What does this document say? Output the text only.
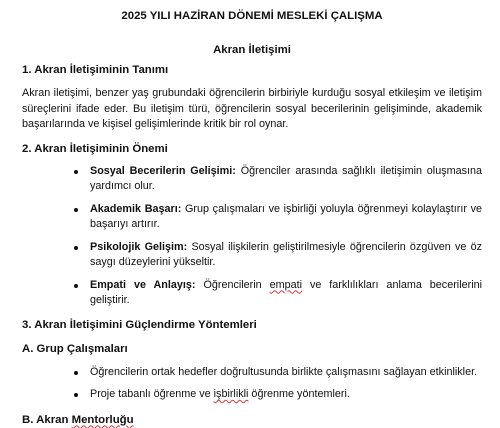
2025 YILI HAZİRAN DÖNEMİ MESLEKİ ÇALIŞMA

Akran İletişimi

1. Akran İletişiminin Tanımı

Akran iletişimi, benzer yaş grubundaki öğrencilerin birbiriyle kurduğu sosyal etkileşim ve iletişim süreçlerini ifade eder. Bu iletişim türü, öğrencilerin sosyal becerilerinin gelişiminde, akademik başarılarında ve kişisel gelişimlerinde kritik bir rol oynar.

2. Akran İletişiminin Önemi

Sosyal Becerilerin Gelişimi: Öğrenciler arasında sağlıklı iletişimin oluşmasına yardımcı olur.
Akademik Başarı: Grup çalışmaları ve işbirliği yoluyla öğrenmeyi kolaylaştırır ve başarıyı artırır.
Psikolojik Gelişim: Sosyal ilişkilerin geliştirilmesiyle öğrencilerin özgüven ve öz saygı düzeylerini yükseltir.
Empati ve Anlayış: Öğrencilerin empati ve farklılıkları anlama becerilerini geliştirir.

3. Akran İletişimini Güçlendirme Yöntemleri

A. Grup Çalışmaları

Öğrencilerin ortak hedefler doğrultusunda birlikte çalışmasını sağlayan etkinlikler.
Proje tabanlı öğrenme ve işbirlikli öğrenme yöntemleri.

B. Akran Mentorluğu
